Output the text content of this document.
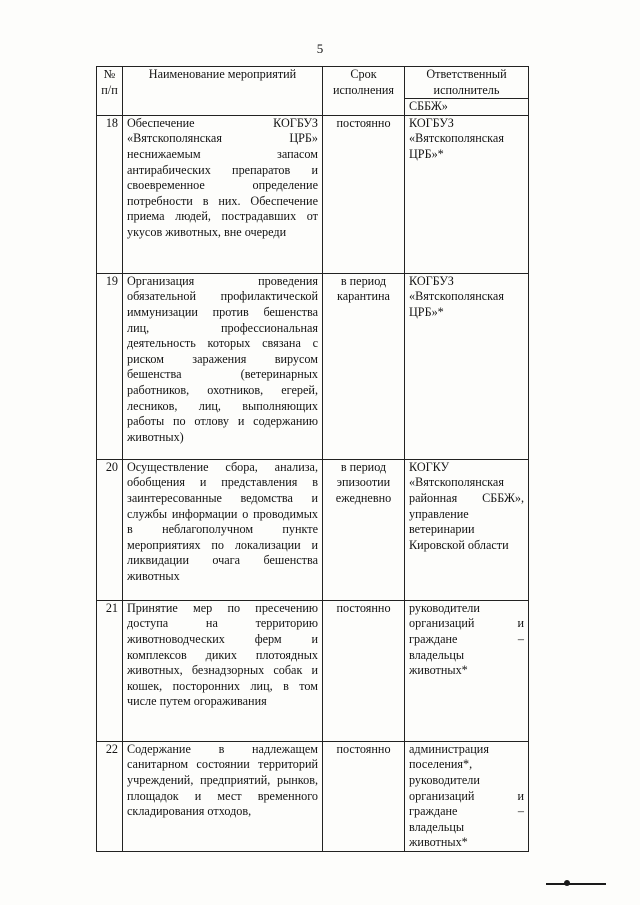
5
№ п/п	Наименование мероприятий	Срок исполнения	Ответственный исполнитель
			СББЖ»
18	Обеспечение КОГБУЗ «Вятскополянская ЦРБ» неснижаемым запасом антирабических препаратов и своевременное определение потребности в них. Обеспечение приема людей, пострадавших от укусов животных, вне очереди	постоянно	КОГБУЗ «Вятскополянская ЦРБ»*
19	Организация проведения обязательной профилактической иммунизации против бешенства лиц, профессиональная деятельность которых связана с риском заражения вирусом бешенства (ветеринарных работников, охотников, егерей, лесников, лиц, выполняющих работы по отлову и содержанию животных)	в период карантина	КОГБУЗ «Вятскополянская ЦРБ»*
20	Осуществление сбора, анализа, обобщения и представления в заинтересованные ведомства и службы информации о проводимых в неблагополучном пункте мероприятиях по локализации и ликвидации очага бешенства животных	в период эпизоотии ежедневно	КОГКУ «Вятскополянская районная СББЖ», управление ветеринарии Кировской области
21	Принятие мер по пресечению доступа на территорию животноводческих ферм и комплексов диких плотоядных животных, безнадзорных собак и кошек, посторонних лиц, в том числе путем огораживания	постоянно	руководители организаций и граждане – владельцы животных*
22	Содержание в надлежащем санитарном состоянии территорий учреждений, предприятий, рынков, площадок и мест временного складирования отходов,	постоянно	администрация поселения*, руководители организаций и граждане – владельцы животных*
